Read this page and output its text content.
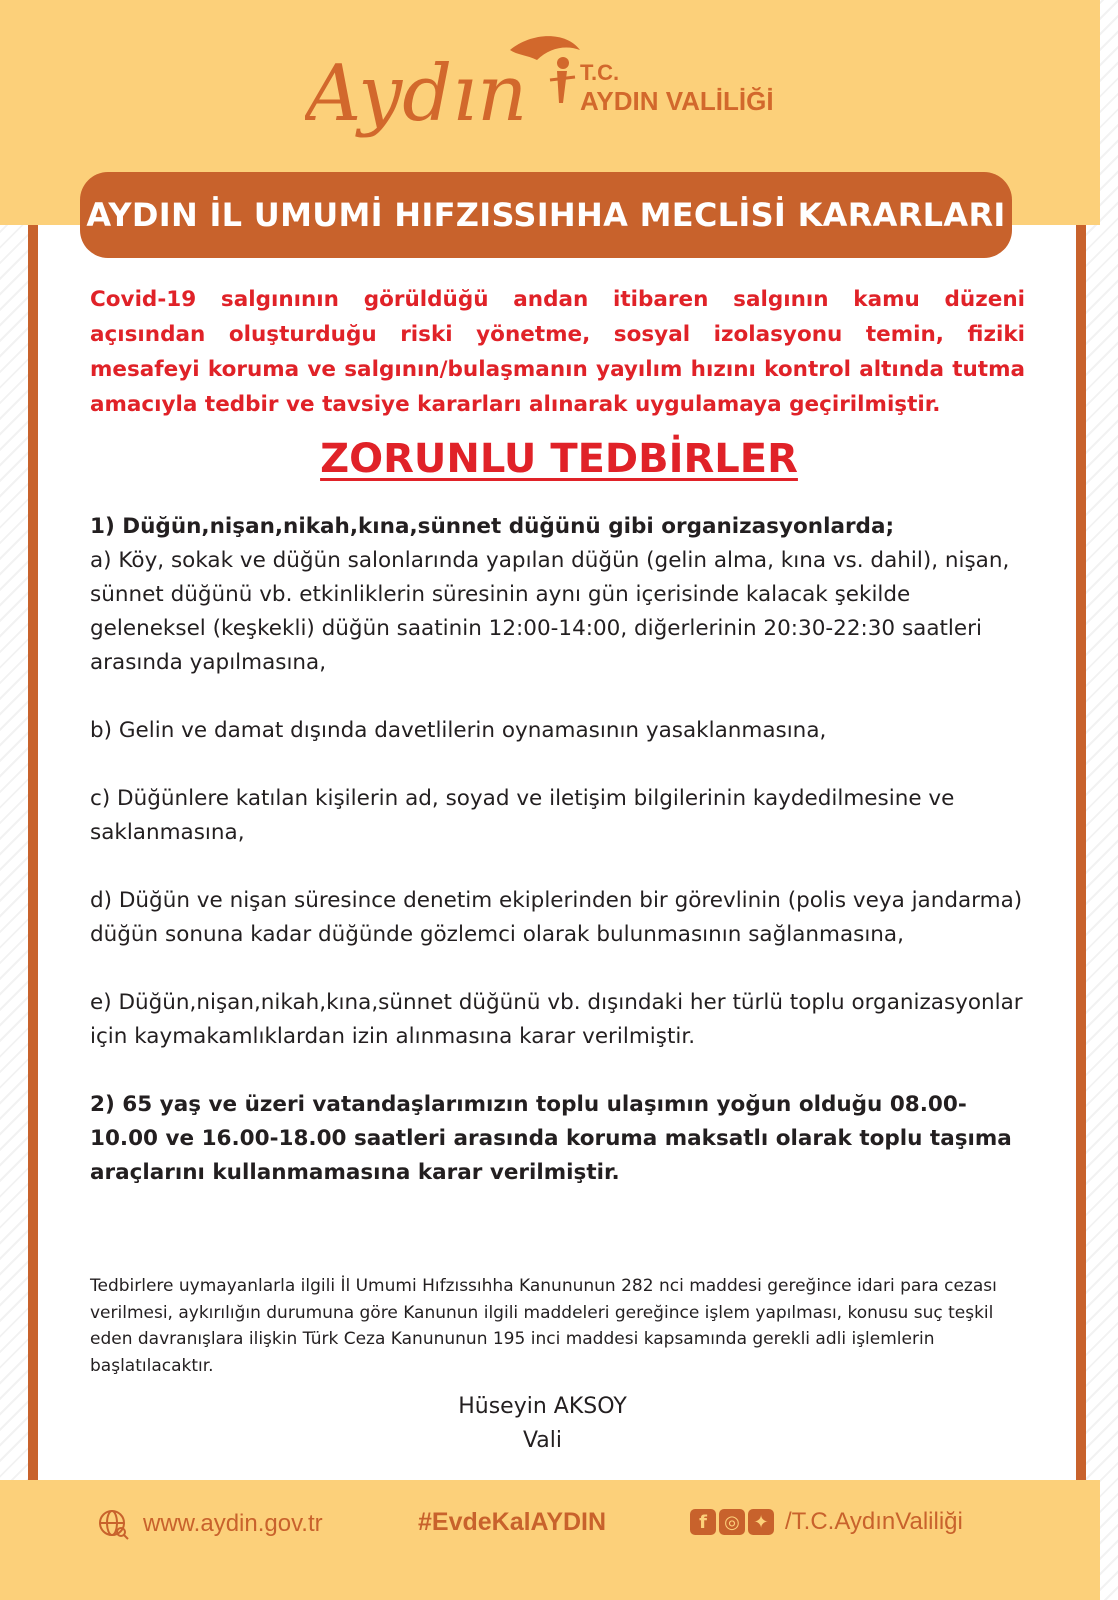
Aydın T.C.
AYDIN VALİLİĞİ
AYDIN İL UMUMİ HIFZISSIHHA MECLİSİ KARARLARI
Covid-19 salgınının görüldüğü andan itibaren salgının kamu düzeni açısından oluşturduğu riski yönetme, sosyal izolasyonu temin, fiziki mesafeyi koruma ve salgının/bulaşmanın yayılım hızını kontrol altında tutma amacıyla tedbir ve tavsiye kararları alınarak uygulamaya geçirilmiştir.
ZORUNLU TEDBİRLER

1) Düğün,nişan,nikah,kına,sünnet düğünü gibi organizasyonlarda;

a) Köy, sokak ve düğün salonlarında yapılan düğün (gelin alma, kına vs. dahil), nişan, sünnet düğünü vb. etkinliklerin süresinin aynı gün içerisinde kalacak şekilde geleneksel (keşkekli) düğün saatinin 12:00-14:00, diğerlerinin 20:30-22:30 saatleri arasında yapılmasına,

b) Gelin ve damat dışında davetlilerin oynamasının yasaklanmasına,

c) Düğünlere katılan kişilerin ad, soyad ve iletişim bilgilerinin kaydedilmesine ve saklanmasına,

d) Düğün ve nişan süresince denetim ekiplerinden bir görevlinin (polis veya jandarma) düğün sonuna kadar düğünde gözlemci olarak bulunmasının sağlanmasına,

e) Düğün,nişan,nikah,kına,sünnet düğünü vb. dışındaki her türlü toplu organizasyonlar için kaymakamlıklardan izin alınmasına karar verilmiştir.

2) 65 yaş ve üzeri vatandaşlarımızın toplu ulaşımın yoğun olduğu 08.00-10.00 ve 16.00-18.00 saatleri arasında koruma maksatlı olarak toplu taşıma araçlarını kullanmamasına karar verilmiştir.

Tedbirlere uymayanlarla ilgili İl Umumi Hıfzıssıhha Kanununun 282 nci maddesi gereğince idari para cezası verilmesi, aykırılığın durumuna göre Kanunun ilgili maddeleri gereğince işlem yapılması, konusu suç teşkil eden davranışlara ilişkin Türk Ceza Kanununun 195 inci maddesi kapsamında gerekli adli işlemlerin başlatılacaktır.
Hüseyin AKSOY
Vali
www.aydin.gov.tr	#EvdeKalAYDIN	f ◎ ✦ /T.C.AydınValiliği
